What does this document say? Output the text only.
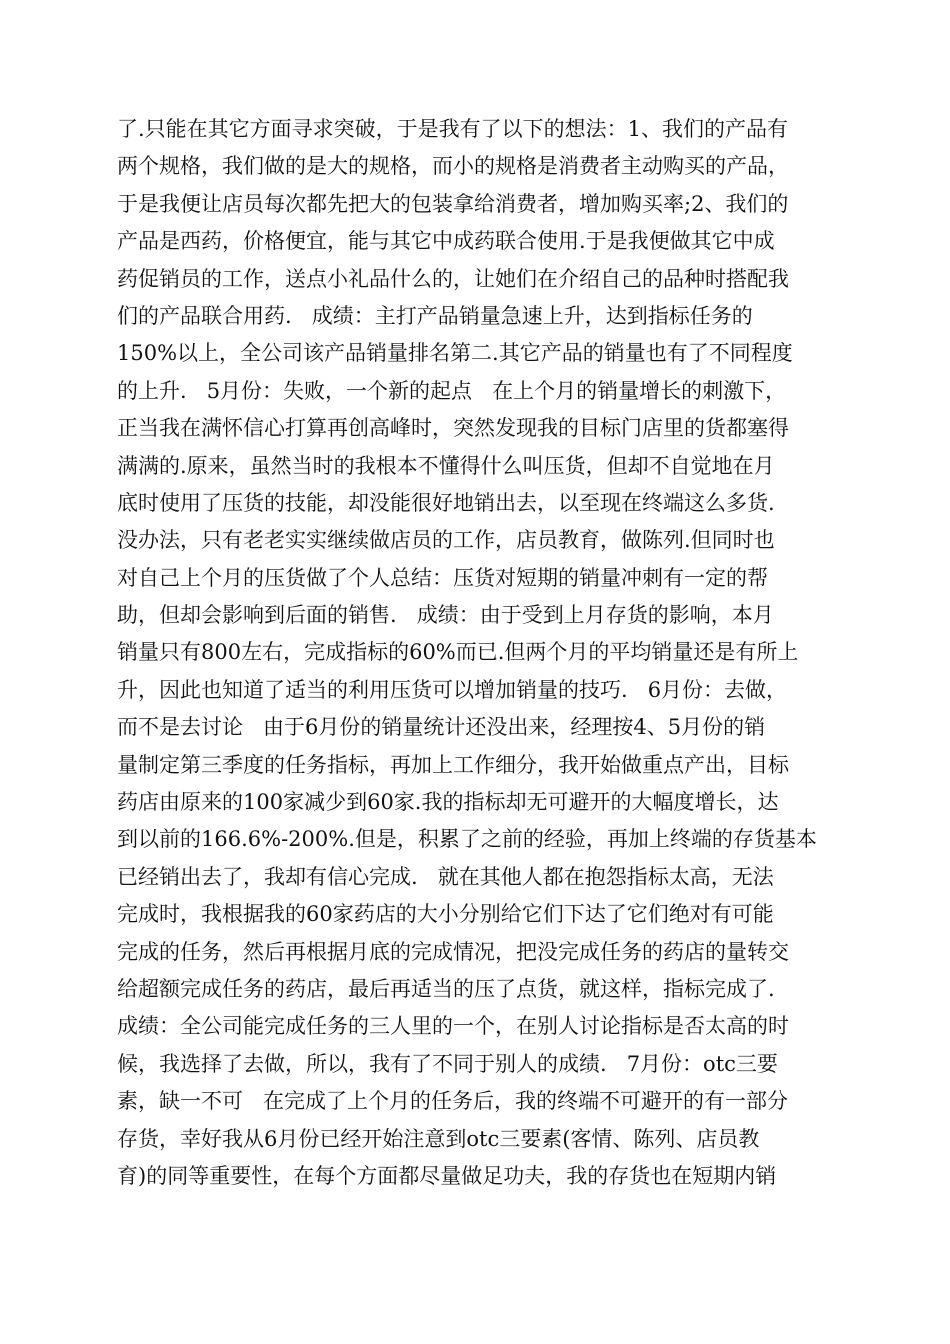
了.只能在其它方面寻求突破，于是我有了以下的想法：1、我们的产品有
两个规格，我们做的是大的规格，而小的规格是消费者主动购买的产品，
于是我便让店员每次都先把大的包装拿给消费者，增加购买率;2、我们的
产品是西药，价格便宜，能与其它中成药联合使用.于是我便做其它中成
药促销员的工作，送点小礼品什么的，让她们在介绍自己的品种时搭配我
们的产品联合用药.   成绩：主打产品销量急速上升，达到指标任务的
150%以上，全公司该产品销量排名第二.其它产品的销量也有了不同程度
的上升.   5月份：失败，一个新的起点   在上个月的销量增长的刺激下，
正当我在满怀信心打算再创高峰时，突然发现我的目标门店里的货都塞得
满满的.原来，虽然当时的我根本不懂得什么叫压货，但却不自觉地在月
底时使用了压货的技能，却没能很好地销出去，以至现在终端这么多货.
没办法，只有老老实实继续做店员的工作，店员教育，做陈列.但同时也
对自己上个月的压货做了个人总结：压货对短期的销量冲刺有一定的帮
助，但却会影响到后面的销售.   成绩：由于受到上月存货的影响，本月
销量只有800左右，完成指标的60%而已.但两个月的平均销量还是有所上
升，因此也知道了适当的利用压货可以增加销量的技巧.   6月份：去做，
而不是去讨论   由于6月份的销量统计还没出来，经理按4、5月份的销
量制定第三季度的任务指标，再加上工作细分，我开始做重点产出，目标
药店由原来的100家减少到60家.我的指标却无可避开的大幅度增长，达
到以前的166.6%-200%.但是，积累了之前的经验，再加上终端的存货基本
已经销出去了，我却有信心完成.   就在其他人都在抱怨指标太高，无法
完成时，我根据我的60家药店的大小分别给它们下达了它们绝对有可能
完成的任务，然后再根据月底的完成情况，把没完成任务的药店的量转交
给超额完成任务的药店，最后再适当的压了点货，就这样，指标完成了.
成绩：全公司能完成任务的三人里的一个，在别人讨论指标是否太高的时
候，我选择了去做，所以，我有了不同于别人的成绩.   7月份：otc三要
素，缺一不可   在完成了上个月的任务后，我的终端不可避开的有一部分
存货，幸好我从6月份已经开始注意到otc三要素(客情、陈列、店员教
育)的同等重要性，在每个方面都尽量做足功夫，我的存货也在短期内销
